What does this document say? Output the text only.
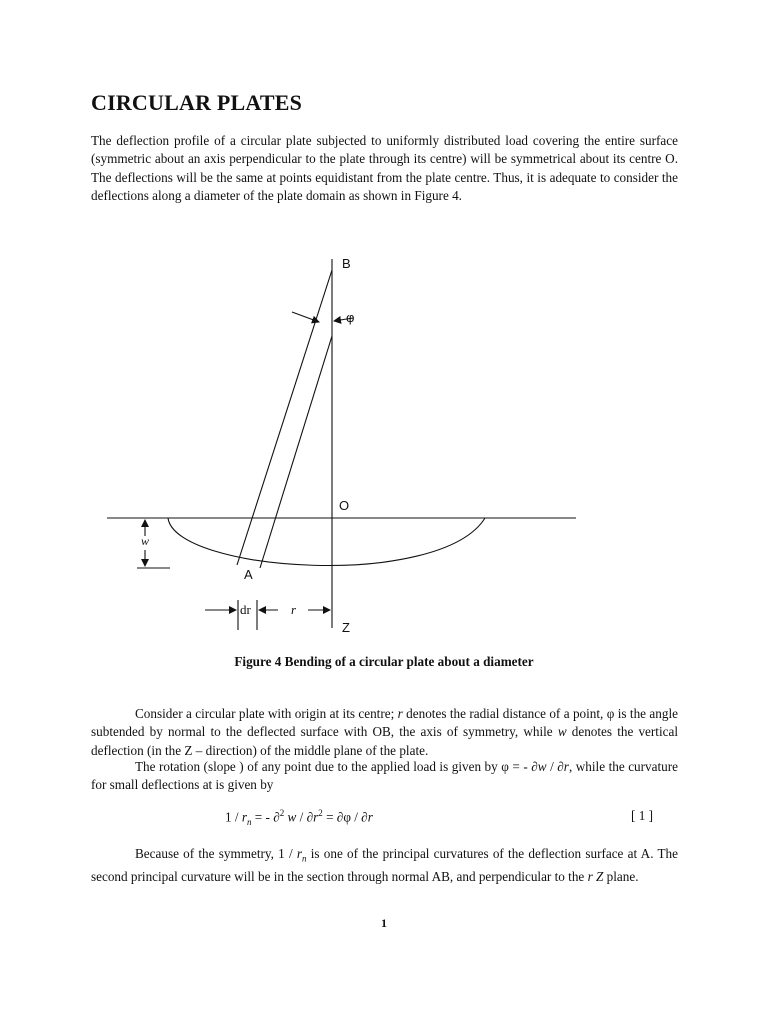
CIRCULAR PLATES

The deflection profile of a circular plate subjected to uniformly distributed load covering the entire surface (symmetric about an axis perpendicular to the plate through its centre) will be symmetrical about its centre O. The deflections will be the same at points equidistant from the plate centre. Thus, it is adequate to consider the deflections along a diameter of the plate domain as shown in Figure 4.

B
φ
O
w
A
dr	r
Z

Figure 4 Bending of a circular plate about a diameter

Consider a circular plate with origin at its centre; r denotes the radial distance of a point, φ is the angle subtended by normal to the deflected surface with OB, the axis of symmetry, while w denotes the vertical deflection (in the Z – direction) of the middle plane of the plate.

The rotation (slope ) of any point due to the applied load is given by φ = - ∂w / ∂r, while the curvature for small deflections at is given by

$1 / r_n$ = - ∂$^2$ $w / \partial r^2 = \partial\varphi / \partial r$	[ 1 ]

Because of the symmetry, $1 / r_n$ is one of the principal curvatures of the deflection surface at A. The second principal curvature will be in the section through normal AB, and perpendicular to the r Z plane.

1
